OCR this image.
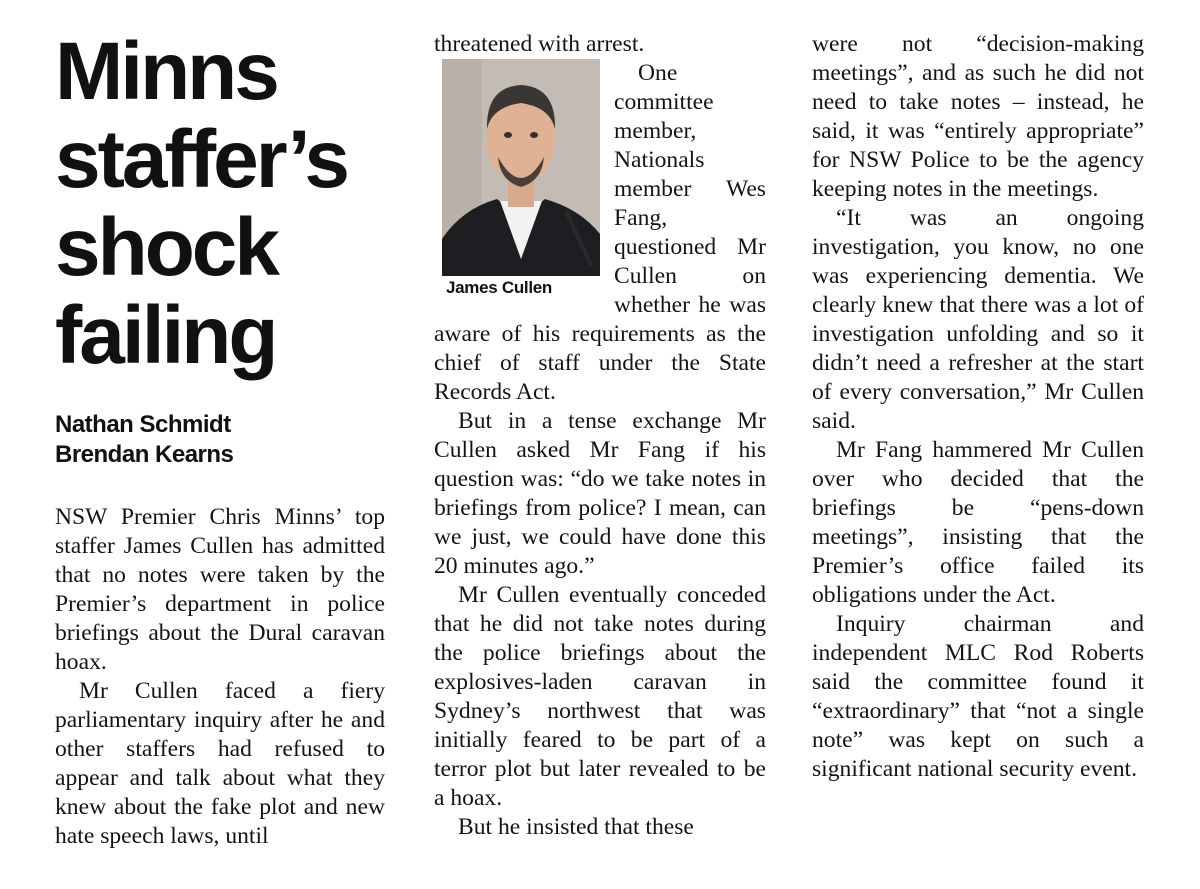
Minns
staffer’s
shock
failing
Nathan Schmidt
Brendan Kearns

NSW Premier Chris Minns’ top staffer James Cullen has admitted that no notes were taken by the Premier’s department in police briefings about the Dural caravan hoax.

Mr Cullen faced a fiery parliamentary inquiry after he and other staffers had refused to appear and talk about what they knew about the fake plot and new hate speech laws, until

threatened with arrest.

James Cullen

One committee member, Nationals member Wes Fang, questioned Mr Cullen on whether he was aware of his requirements as the chief of staff under the State Records Act.

But in a tense exchange Mr Cullen asked Mr Fang if his question was: “do we take notes in briefings from police? I mean, can we just, we could have done this 20 minutes ago.”

Mr Cullen eventually conceded that he did not take notes during the police briefings about the explosives-laden caravan in Sydney’s northwest that was initially feared to be part of a terror plot but later revealed to be a hoax.

But he insisted that these

were not “decision-making meetings”, and as such he did not need to take notes – instead, he said, it was “entirely appropriate” for NSW Police to be the agency keeping notes in the meetings.

“It was an ongoing investigation, you know, no one was experiencing dementia. We clearly knew that there was a lot of investigation unfolding and so it didn’t need a refresher at the start of every conversation,” Mr Cullen said.

Mr Fang hammered Mr Cullen over who decided that the briefings be “pens-down meetings”, insisting that the Premier’s office failed its obligations under the Act.

Inquiry chairman and independent MLC Rod Roberts said the committee found it “extraordinary” that “not a single note” was kept on such a significant national security event.
